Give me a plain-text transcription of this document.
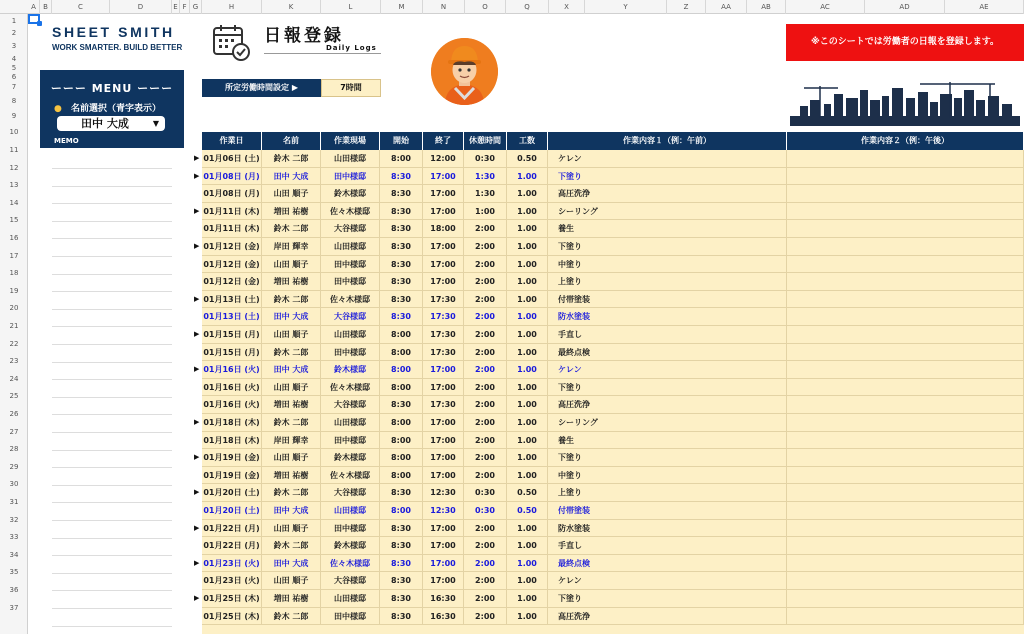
A	B	C	D	E F G	H	K	L	M	N	O	Q	X	Y	Z	AA	AB	AC	AD	AE
1
2
3
4
5
6
7
8
9
10
11
12
13
14
15
16
17
18
19
20
21
22
23
24
25
26
27
28
29
30
31
32
33
34
35
36
37
SHEET SMITH
WORK SMARTER. BUILD BETTER
ーーー MENU ーーー
● 名前選択（青字表示）
田中 大成	▼
MEMO
日報登録
Daily Logs
※このシートでは労働者の日報を登録します。
所定労働時間設定 ▶	7時間
作業日	名前	作業現場	開始	終了	休憩時間	工数	作業内容１（例：午前）	作業内容２（例：午後）
01月06日 (土)	鈴木 二郎	山田様邸	8:00	12:00	0:30	0.50	ケレン
01月08日 (月)	田中 大成	田中様邸	8:30	17:00	1:30	1.00	下塗り
01月08日 (月)	山田 順子	鈴木様邸	8:30	17:00	1:30	1.00	高圧洗浄
01月11日 (木)	増田 祐樹	佐々木様邸	8:30	17:00	1:00	1.00	シーリング
01月11日 (木)	鈴木 二郎	大谷様邸	8:30	18:00	2:00	1.00	養生
01月12日 (金)	岸田 輝幸	山田様邸	8:30	17:00	2:00	1.00	下塗り
01月12日 (金)	山田 順子	田中様邸	8:30	17:00	2:00	1.00	中塗り
01月12日 (金)	増田 祐樹	田中様邸	8:30	17:00	2:00	1.00	上塗り
01月13日 (土)	鈴木 二郎	佐々木様邸	8:30	17:30	2:00	1.00	付帯塗装
01月13日 (土)	田中 大成	大谷様邸	8:30	17:30	2:00	1.00	防水塗装
01月15日 (月)	山田 順子	山田様邸	8:00	17:30	2:00	1.00	手直し
01月15日 (月)	鈴木 二郎	田中様邸	8:00	17:30	2:00	1.00	最終点検
01月16日 (火)	田中 大成	鈴木様邸	8:00	17:00	2:00	1.00	ケレン
01月16日 (火)	山田 順子	佐々木様邸	8:00	17:00	2:00	1.00	下塗り
01月16日 (火)	増田 祐樹	大谷様邸	8:30	17:30	2:00	1.00	高圧洗浄
01月18日 (木)	鈴木 二郎	山田様邸	8:00	17:00	2:00	1.00	シーリング
01月18日 (木)	岸田 輝幸	田中様邸	8:00	17:00	2:00	1.00	養生
01月19日 (金)	山田 順子	鈴木様邸	8:00	17:00	2:00	1.00	下塗り
01月19日 (金)	増田 祐樹	佐々木様邸	8:00	17:00	2:00	1.00	中塗り
01月20日 (土)	鈴木 二郎	大谷様邸	8:30	12:30	0:30	0.50	上塗り
01月20日 (土)	田中 大成	山田様邸	8:00	12:30	0:30	0.50	付帯塗装
01月22日 (月)	山田 順子	田中様邸	8:30	17:00	2:00	1.00	防水塗装
01月22日 (月)	鈴木 二郎	鈴木様邸	8:30	17:00	2:00	1.00	手直し
01月23日 (火)	田中 大成	佐々木様邸	8:30	17:00	2:00	1.00	最終点検
01月23日 (火)	山田 順子	大谷様邸	8:30	17:00	2:00	1.00	ケレン
01月25日 (木)	増田 祐樹	山田様邸	8:30	16:30	2:00	1.00	下塗り
01月25日 (木)	鈴木 二郎	田中様邸	8:30	16:30	2:00	1.00	高圧洗浄
▶
▶
▶
▶
▶
▶
▶
▶
▶
▶
▶
▶
▶
